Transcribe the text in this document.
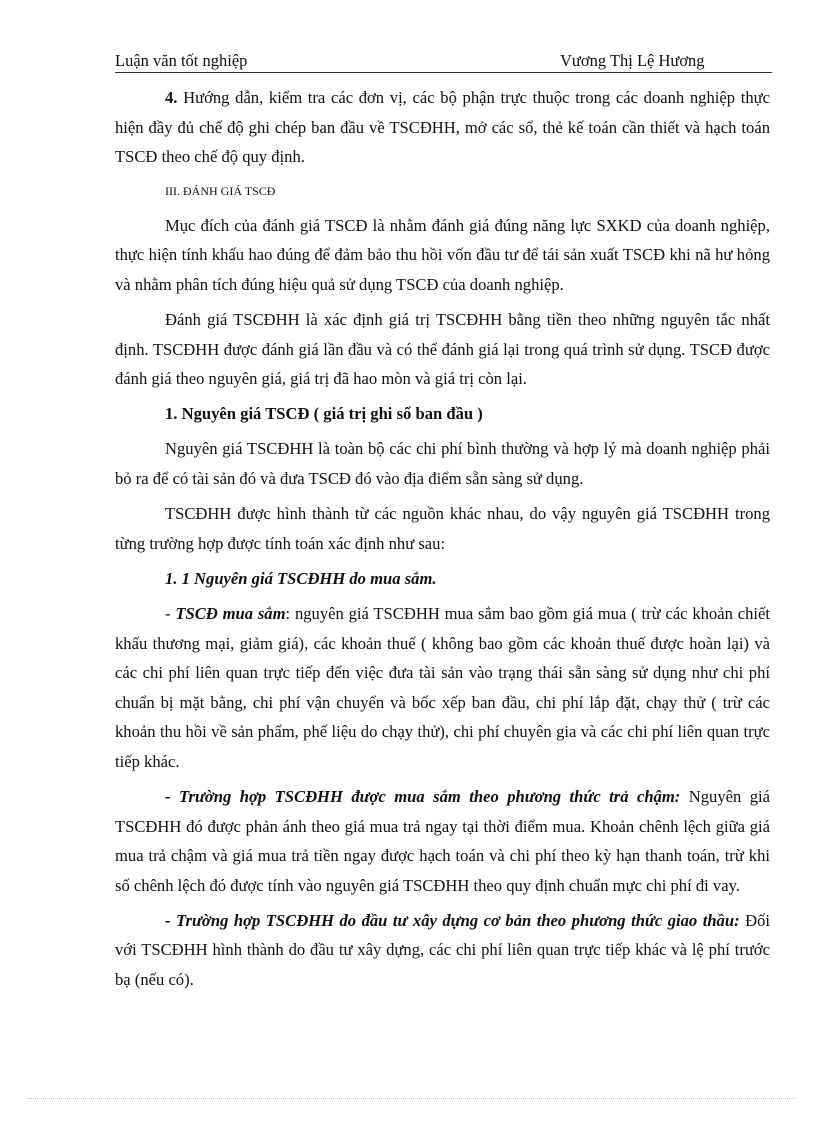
Luận văn tốt nghiệp	Vương Thị Lệ Hương

4. Hướng dẫn, kiểm tra các đơn vị, các bộ phận trực thuộc trong các doanh nghiệp thực hiện đầy đủ chế độ ghi chép ban đầu về TSCĐHH, mở các sổ, thẻ kế toán cần thiết và hạch toán TSCĐ theo chế độ quy định.

III. ĐÁNH GIÁ TSCĐ

Mục đích của đánh giá TSCĐ là nhằm đánh giá đúng năng lực SXKD của doanh nghiệp, thực hiện tính khấu hao đúng để đảm bảo thu hồi vốn đầu tư để tái sản xuất TSCĐ khi nã hư hỏng và nhằm phân tích đúng hiệu quả sử dụng TSCĐ của doanh nghiệp.

Đánh giá TSCĐHH là xác định giá trị TSCĐHH bằng tiền theo những nguyên tắc nhất định. TSCĐHH được đánh giá lần đầu và có thể đánh giá lại trong quá trình sử dụng. TSCĐ được đánh giá theo nguyên giá, giá trị đã hao mòn và giá trị còn lại.

1. Nguyên giá TSCĐ ( giá trị ghi sổ ban đầu )

Nguyên giá TSCĐHH là toàn bộ các chi phí bình thường và hợp lý mà doanh nghiệp phải bỏ ra để có tài sản đó và đưa TSCĐ đó vào địa điểm sẵn sàng sử dụng.

TSCĐHH được hình thành từ các nguồn khác nhau, do vậy nguyên giá TSCĐHH trong từng trường hợp được tính toán xác định như sau:

1. 1 Nguyên giá TSCĐHH do mua sắm.

- TSCĐ mua sắm: nguyên giá TSCĐHH mua sắm bao gồm giá mua ( trừ các khoản chiết khấu thương mại, giảm giá), các khoản thuế ( không bao gồm các khoản thuế được hoàn lại) và các chi phí liên quan trực tiếp đến việc đưa tài sản vào trạng thái sẵn sàng sử dụng như chi phí chuẩn bị mặt bằng, chi phí vận chuyển và bốc xếp ban đầu, chi phí lắp đặt, chạy thử ( trừ các khoản thu hồi về sản phẩm, phế liệu do chạy thử), chi phí chuyên gia và các chi phí liên quan trực tiếp khác.

- Trường hợp TSCĐHH được mua sắm theo phương thức trả chậm: Nguyên giá TSCĐHH đó được phản ánh theo giá mua trả ngay tại thời điểm mua. Khoản chênh lệch giữa giá mua trả chậm và giá mua trả tiền ngay được hạch toán và chi phí theo kỳ hạn thanh toán, trừ khi số chênh lệch đó được tính vào nguyên giá TSCĐHH theo quy định chuẩn mực chi phí đi vay.

- Trường hợp TSCĐHH do đầu tư xây dựng cơ bản theo phương thức giao thầu: Đối với TSCĐHH hình thành do đầu tư xây dựng, các chi phí liên quan trực tiếp khác và lệ phí trước bạ (nếu có).
